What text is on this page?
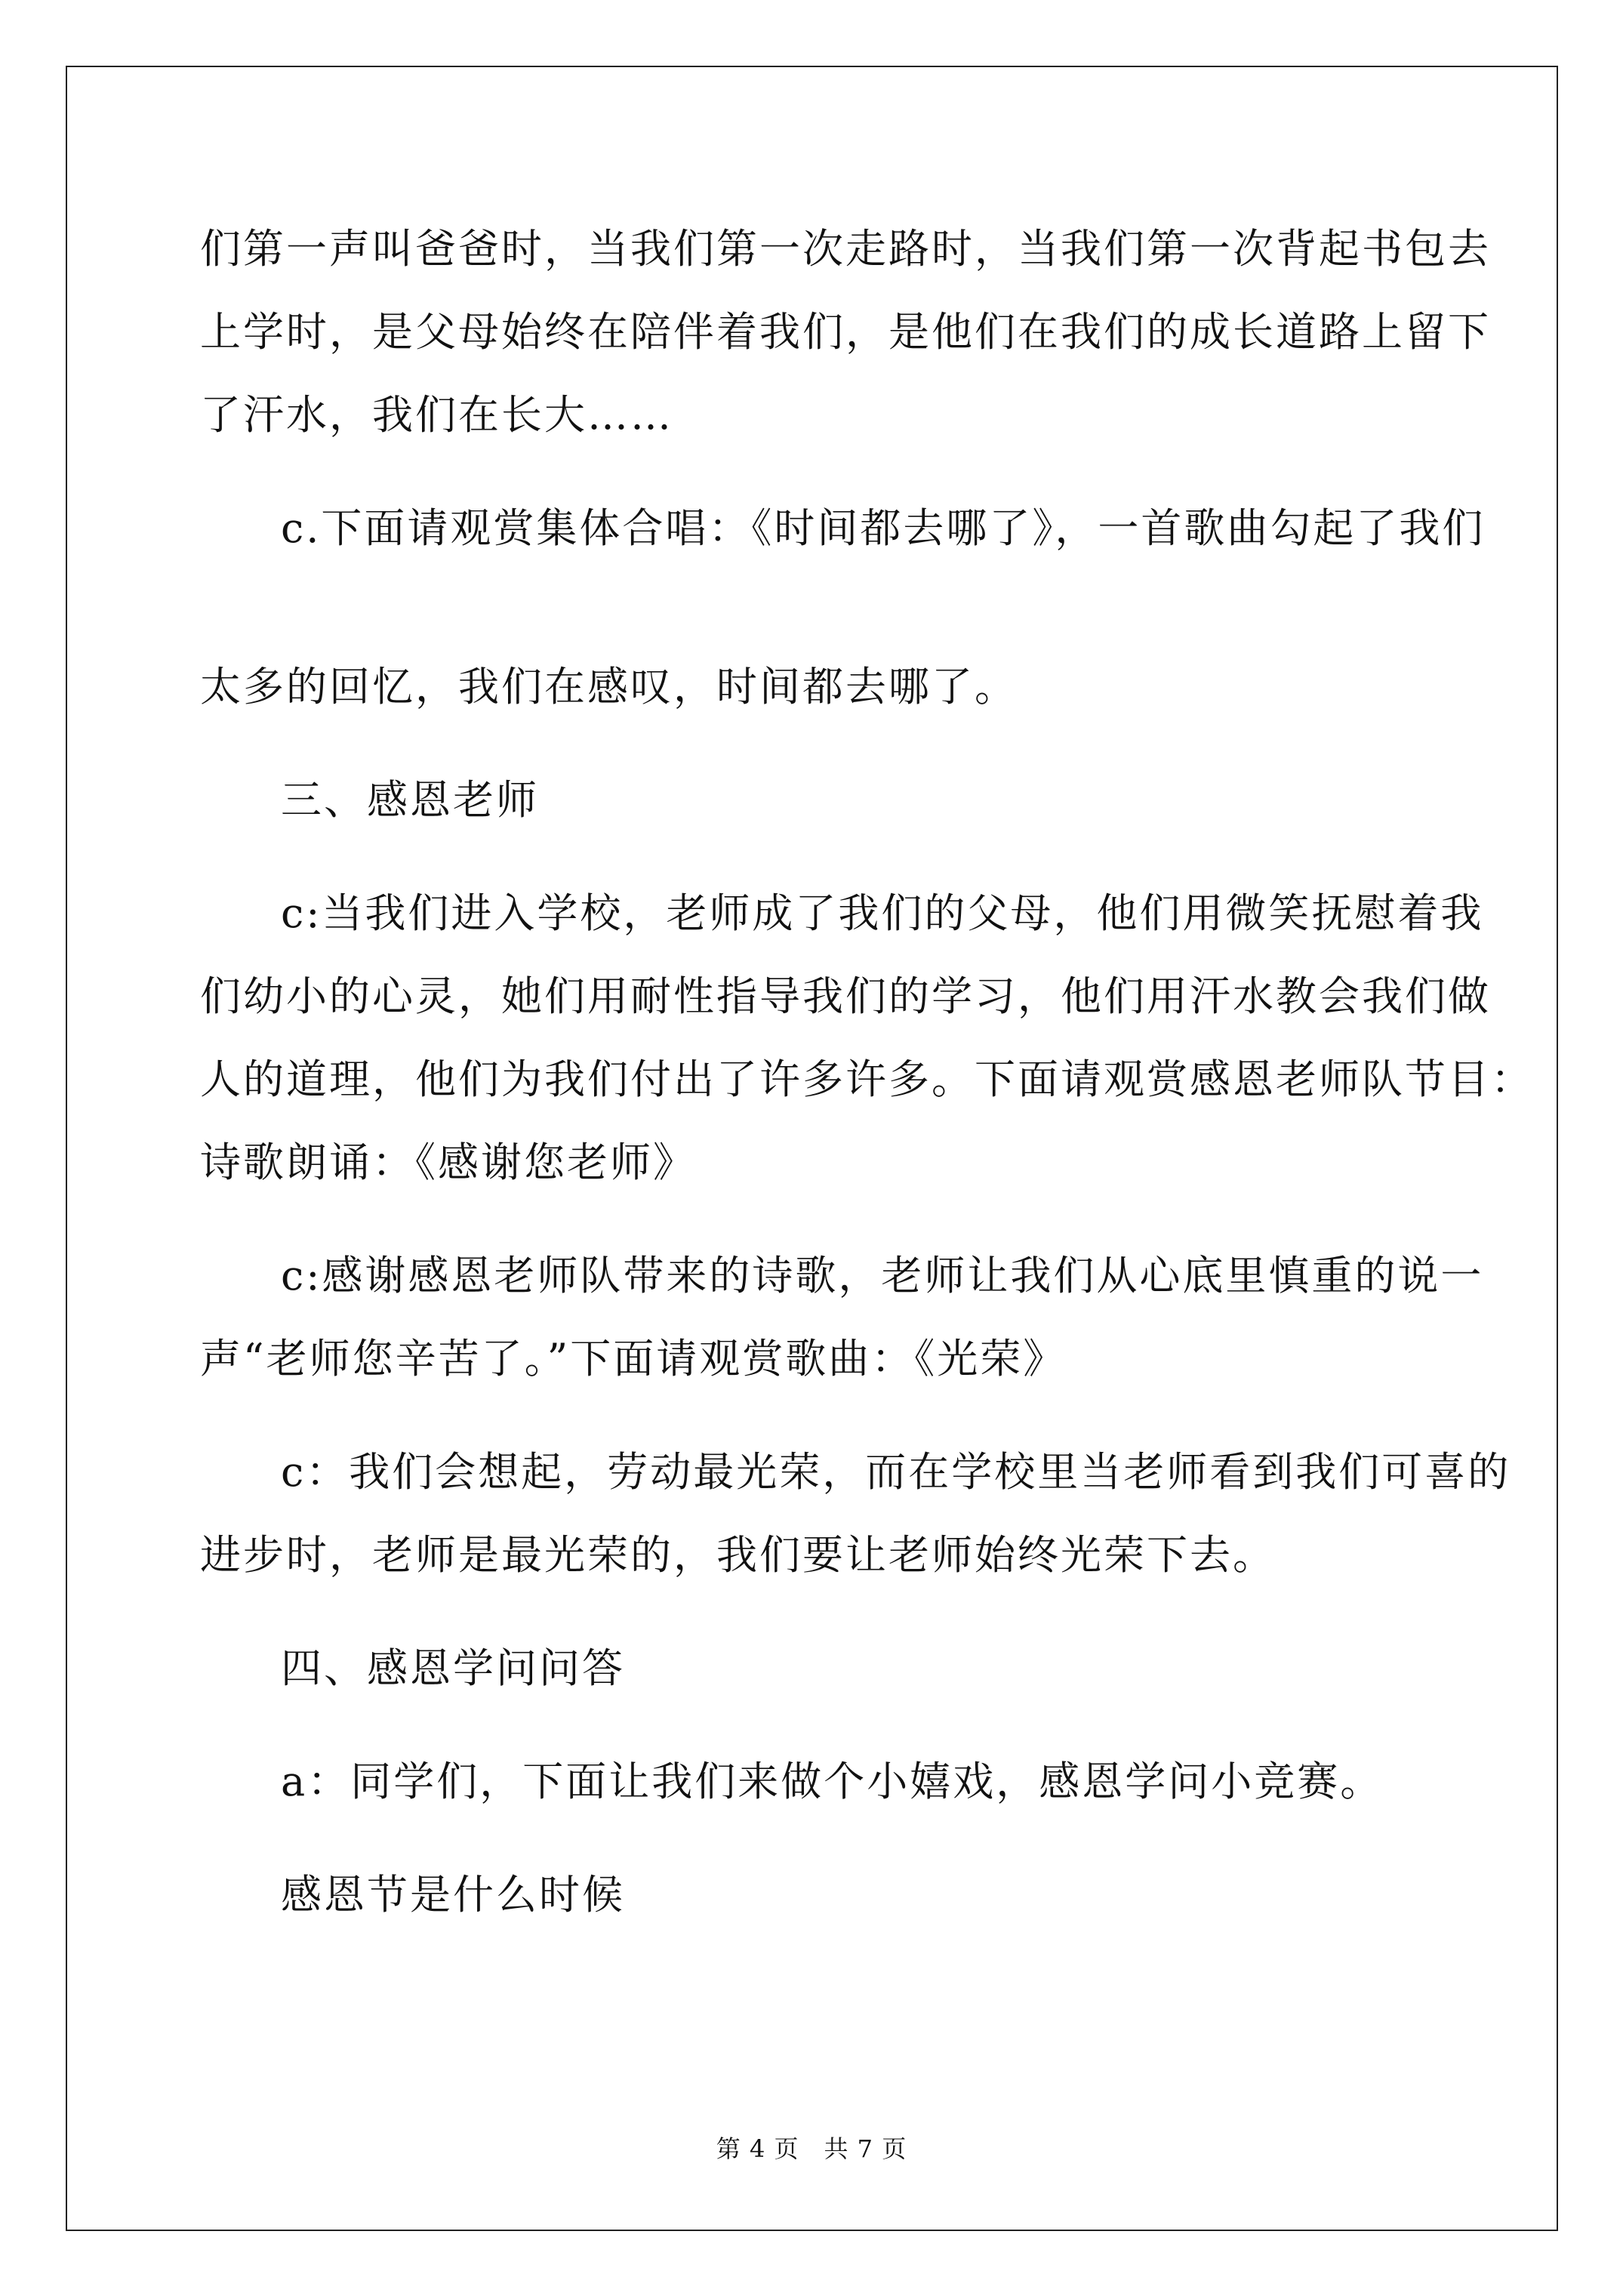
们第一声叫爸爸时，当我们第一次走路时，当我们第一次背起书包去
上学时，是父母始终在陪伴着我们，是他们在我们的成长道路上留下
了汗水，我们在长大……
c.下面请观赏集体合唱：《时间都去哪了》，一首歌曲勾起了我们
太多的回忆，我们在感叹，时间都去哪了。
三、感恩老师
c:当我们进入学校，老师成了我们的父母，他们用微笑抚慰着我
们幼小的心灵，她们用耐性指导我们的学习，他们用汗水教会我们做
人的道理，他们为我们付出了许多许多。下面请观赏感恩老师队节目：
诗歌朗诵：《感谢您老师》
c:感谢感恩老师队带来的诗歌，老师让我们从心底里慎重的说一
声“老师您辛苦了。”下面请观赏歌曲：《光荣》
c：我们会想起，劳动最光荣，而在学校里当老师看到我们可喜的
进步时，老师是最光荣的，我们要让老师始终光荣下去。
四、感恩学问问答
a：同学们，下面让我们来做个小嬉戏，感恩学问小竞赛。
感恩节是什么时候
第 4 页　共 7 页
